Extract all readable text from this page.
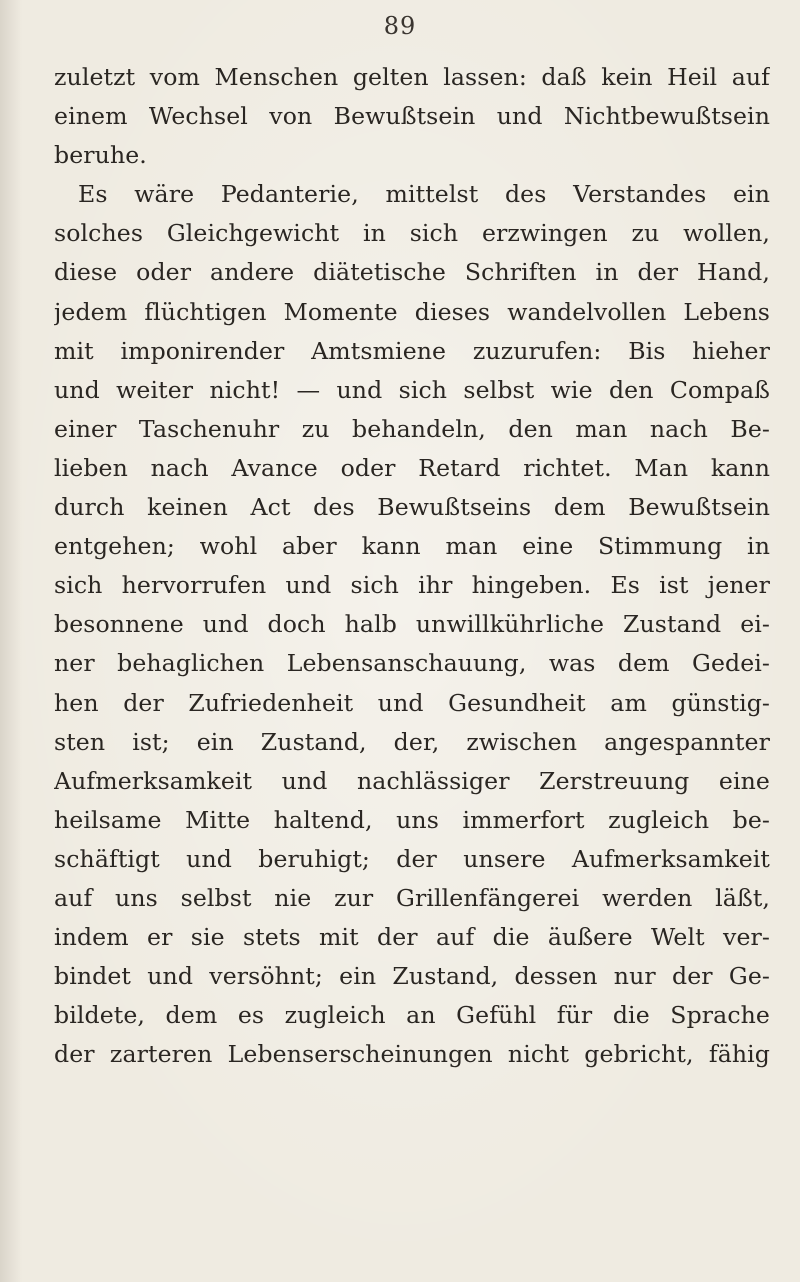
89
zuletzt vom Menschen gelten lassen: daß kein Heil auf
einem Wechsel von Bewußtsein und Nichtbewußtsein
beruhe.
Es wäre Pedanterie, mittelst des Verstandes ein
solches Gleichgewicht in sich erzwingen zu wollen,
diese oder andere diätetische Schriften in der Hand,
jedem flüchtigen Momente dieses wandelvollen Lebens
mit imponirender Amtsmiene zuzurufen: Bis hieher
und weiter nicht! — und sich selbst wie den Compaß
einer Taschenuhr zu behandeln, den man nach Be-
lieben nach Avance oder Retard richtet. Man kann
durch keinen Act des Bewußtseins dem Bewußtsein
entgehen; wohl aber kann man eine Stimmung in
sich hervorrufen und sich ihr hingeben. Es ist jener
besonnene und doch halb unwillkührliche Zustand ei-
ner behaglichen Lebensanschauung, was dem Gedei-
hen der Zufriedenheit und Gesundheit am günstig-
sten ist; ein Zustand, der, zwischen angespannter
Aufmerksamkeit und nachlässiger Zerstreuung eine
heilsame Mitte haltend, uns immerfort zugleich be-
schäftigt und beruhigt; der unsere Aufmerksamkeit
auf uns selbst nie zur Grillenfängerei werden läßt,
indem er sie stets mit der auf die äußere Welt ver-
bindet und versöhnt; ein Zustand, dessen nur der Ge-
bildete, dem es zugleich an Gefühl für die Sprache
der zarteren Lebenserscheinungen nicht gebricht, fähig
